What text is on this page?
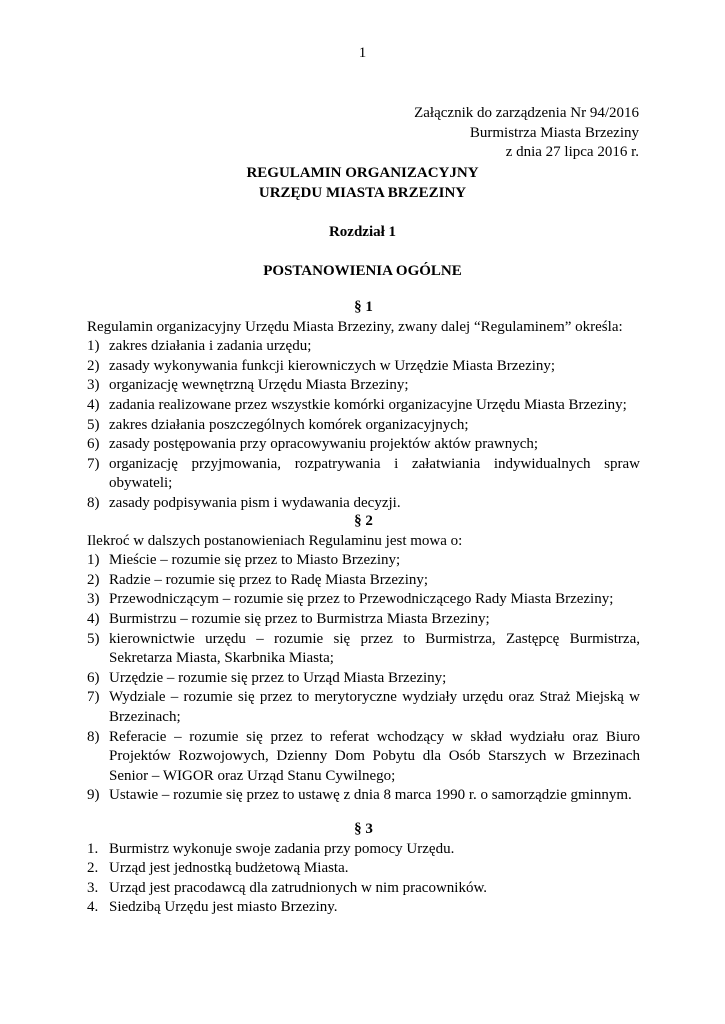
1
Załącznik do zarządzenia Nr 94/2016
Burmistrza Miasta Brzeziny
z dnia 27 lipca 2016 r.
REGULAMIN ORGANIZACYJNY
URZĘDU MIASTA BRZEZINY
Rozdział 1
POSTANOWIENIA OGÓLNE
§ 1

Regulamin organizacyjny Urzędu Miasta Brzeziny, zwany dalej “Regulaminem” określa:

1) zakres działania i zadania urzędu;
2) zasady wykonywania funkcji kierowniczych w Urzędzie Miasta Brzeziny;
3) organizację wewnętrzną Urzędu Miasta Brzeziny;
4) zadania realizowane przez wszystkie komórki organizacyjne Urzędu Miasta Brzeziny;
5) zakres działania poszczególnych komórek organizacyjnych;
6) zasady postępowania przy opracowywaniu projektów aktów prawnych;
7) organizację przyjmowania, rozpatrywania i załatwiania indywidualnych spraw obywateli;
8) zasady podpisywania pism i wydawania decyzji.
§ 2

Ilekroć w dalszych postanowieniach Regulaminu jest mowa o:

1) Mieście – rozumie się przez to Miasto Brzeziny;
2) Radzie – rozumie się przez to Radę Miasta Brzeziny;
3) Przewodniczącym – rozumie się przez to Przewodniczącego Rady Miasta Brzeziny;
4) Burmistrzu – rozumie się przez to Burmistrza Miasta Brzeziny;
5) kierownictwie urzędu – rozumie się przez to Burmistrza, Zastępcę Burmistrza, Sekretarza Miasta, Skarbnika Miasta;
6) Urzędzie – rozumie się przez to Urząd Miasta Brzeziny;
7) Wydziale – rozumie się przez to merytoryczne wydziały urzędu oraz Straż Miejską w Brzezinach;
8) Referacie – rozumie się przez to referat wchodzący w skład wydziału oraz Biuro Projektów Rozwojowych, Dzienny Dom Pobytu dla Osób Starszych w Brzezinach Senior – WIGOR oraz Urząd Stanu Cywilnego;
9) Ustawie – rozumie się przez to ustawę z dnia 8 marca 1990 r. o samorządzie gminnym.
§ 3
1. Burmistrz wykonuje swoje zadania przy pomocy Urzędu.
2. Urząd jest jednostką budżetową Miasta.
3. Urząd jest pracodawcą dla zatrudnionych w nim pracowników.
4. Siedzibą Urzędu jest miasto Brzeziny.
